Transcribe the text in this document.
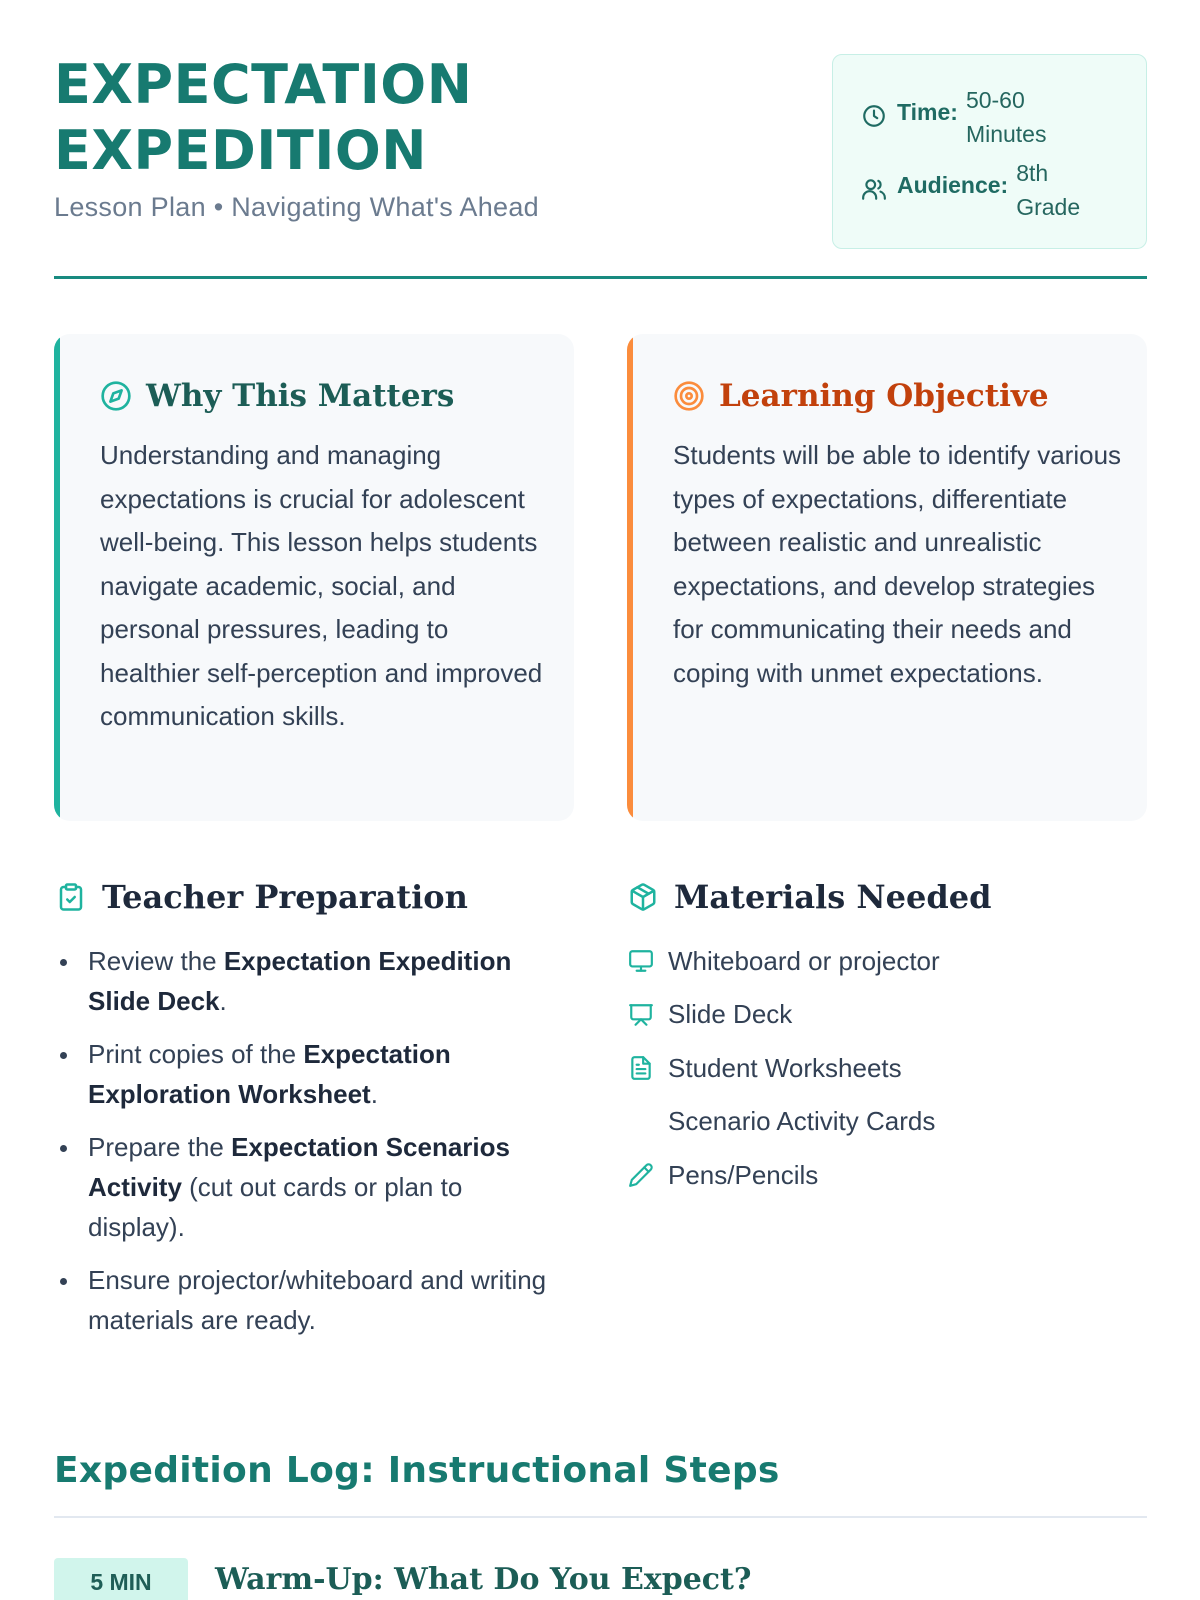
EXPECTATION
EXPEDITION
Lesson Plan • Navigating What's Ahead
Time: 50-60
Minutes
Audience: 8th
Grade
Why This Matters
Understanding and managing expectations is crucial for adolescent well-being. This lesson helps students navigate academic, social, and personal pressures, leading to healthier self-perception and improved communication skills.
Learning Objective
Students will be able to identify various types of expectations, differentiate between realistic and unrealistic expectations, and develop strategies for communicating their needs and coping with unmet expectations.
Teacher Preparation
Review the Expectation Expedition Slide Deck.
Print copies of the Expectation Exploration Worksheet.
Prepare the Expectation Scenarios Activity (cut out cards or plan to display).
Ensure projector/whiteboard and writing materials are ready.
Materials Needed
Whiteboard or projector
Slide Deck
Student Worksheets
Scenario Activity Cards
Pens/Pencils
Expedition Log: Instructional Steps
5 MIN	Warm-Up: What Do You Expect?
